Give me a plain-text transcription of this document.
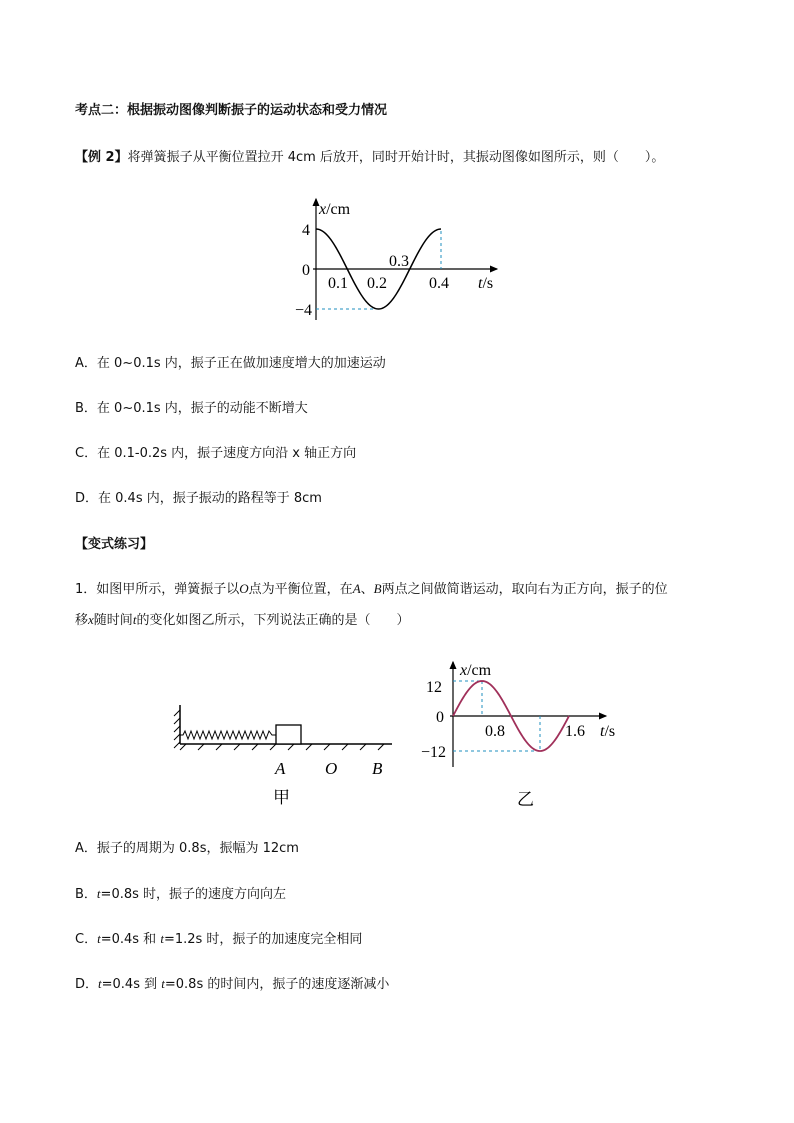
考点二：根据振动图像判断振子的运动状态和受力情况
【例 2】将弹簧振子从平衡位置拉开 4cm 后放开，同时开始计时，其振动图像如图所示，则（　　）。
x/cm
4
0
−4
0.1 0.2
0.3
0.4 t/s
A．在 0~0.1s 内，振子正在做加速度增大的加速运动
B．在 0~0.1s 内，振子的动能不断增大
C．在 0.1-0.2s 内，振子速度方向沿 x 轴正方向
D．在 0.4s 内，振子振动的路程等于 8cm
【变式练习】
1．如图甲所示，弹簧振子以O点为平衡位置，在A、B两点之间做简谐运动，取向右为正方向，振子的位
移x随时间t的变化如图乙所示，下列说法正确的是（　　）
A O B
甲
x/cm
12
0
−12
0.8	1.6 t/s
乙
A．振子的周期为 0.8s，振幅为 12cm
B．t=0.8s 时，振子的速度方向向左
C．t=0.4s 和 t=1.2s 时，振子的加速度完全相同
D．t=0.4s 到 t=0.8s 的时间内，振子的速度逐渐减小
